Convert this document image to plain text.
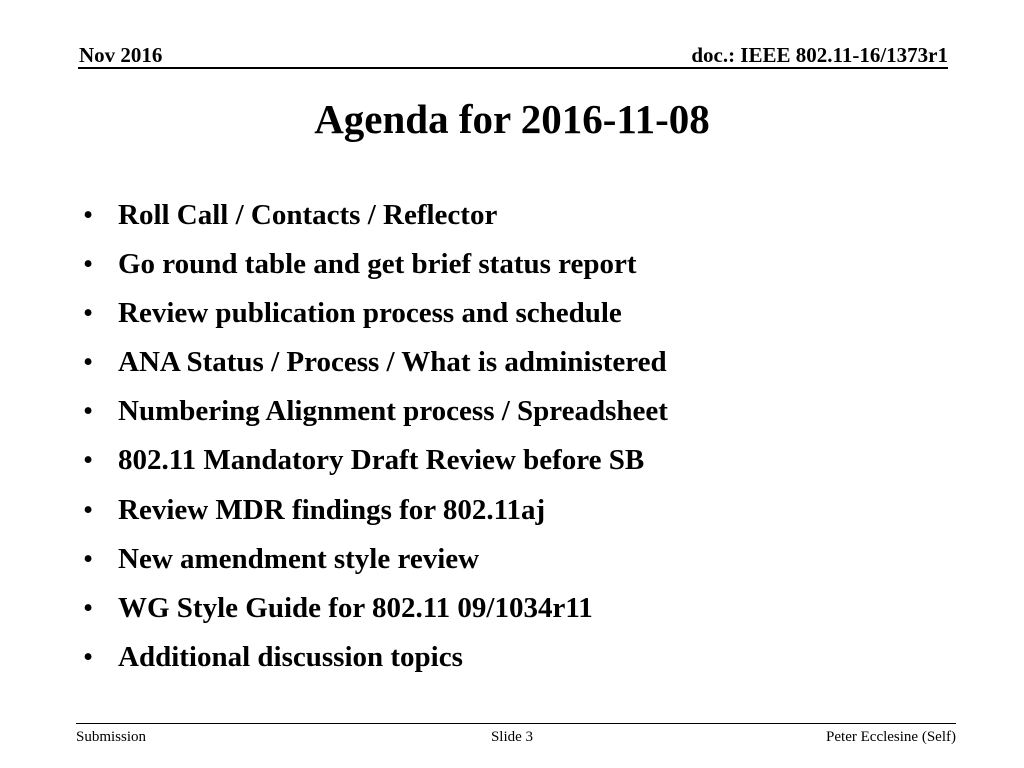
Nov 2016	doc.: IEEE 802.11-16/1373r1
Agenda for 2016-11-08
• Roll Call / Contacts / Reflector
• Go round table and get brief status report
• Review publication process and schedule
• ANA Status / Process / What is administered
• Numbering Alignment process / Spreadsheet
• 802.11 Mandatory Draft Review before SB
• Review MDR findings for 802.11aj
• New amendment style review
• WG Style Guide for 802.11 09/1034r11
• Additional discussion topics
Submission	Slide 3	Peter Ecclesine (Self)
